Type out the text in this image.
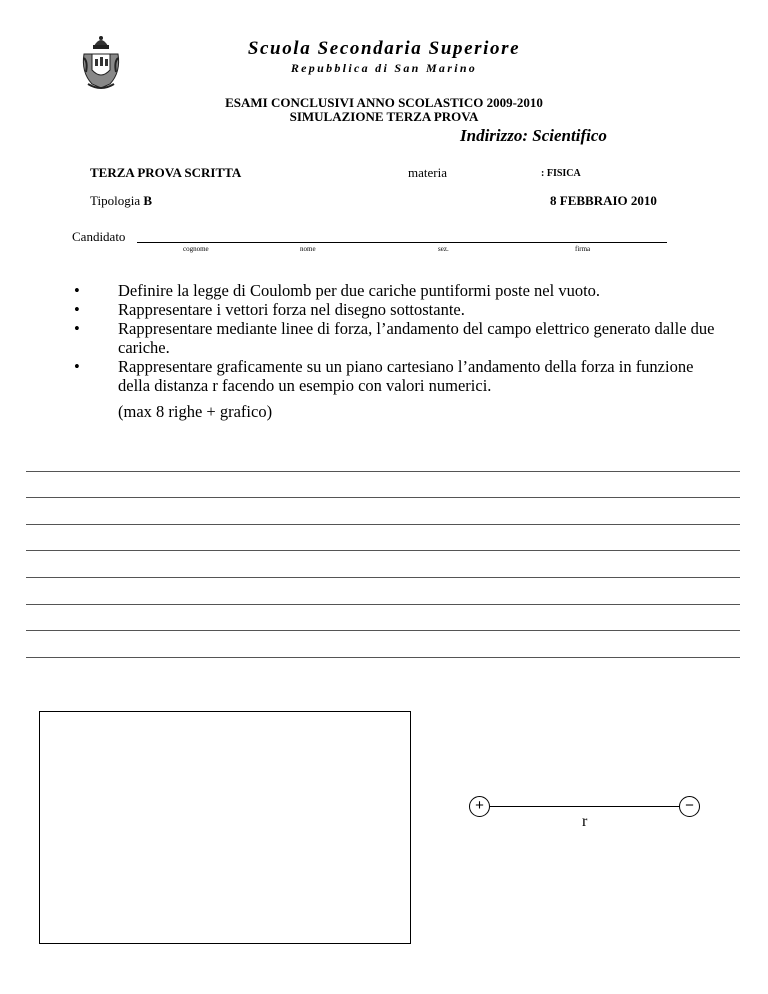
Scuola Secondaria Superiore
Repubblica di San Marino
ESAMI CONCLUSIVI ANNO SCOLASTICO 2009-2010
SIMULAZIONE TERZA PROVA
Indirizzo: Scientifico
TERZA PROVA SCRITTA	materia	: FISICA
Tipologia B	8 FEBBRAIO 2010
Candidato
cognome	nome	sez.	firma
• Definire la legge di Coulomb per due cariche puntiformi poste nel vuoto.
• Rappresentare i vettori forza nel disegno sottostante.
• Rappresentare mediante linee di forza, l’andamento del campo elettrico generato dalle due cariche.
• Rappresentare graficamente su un piano cartesiano l’andamento della forza in funzione della distanza r facendo un esempio con valori numerici.
(max 8 righe + grafico)
+	−
r
